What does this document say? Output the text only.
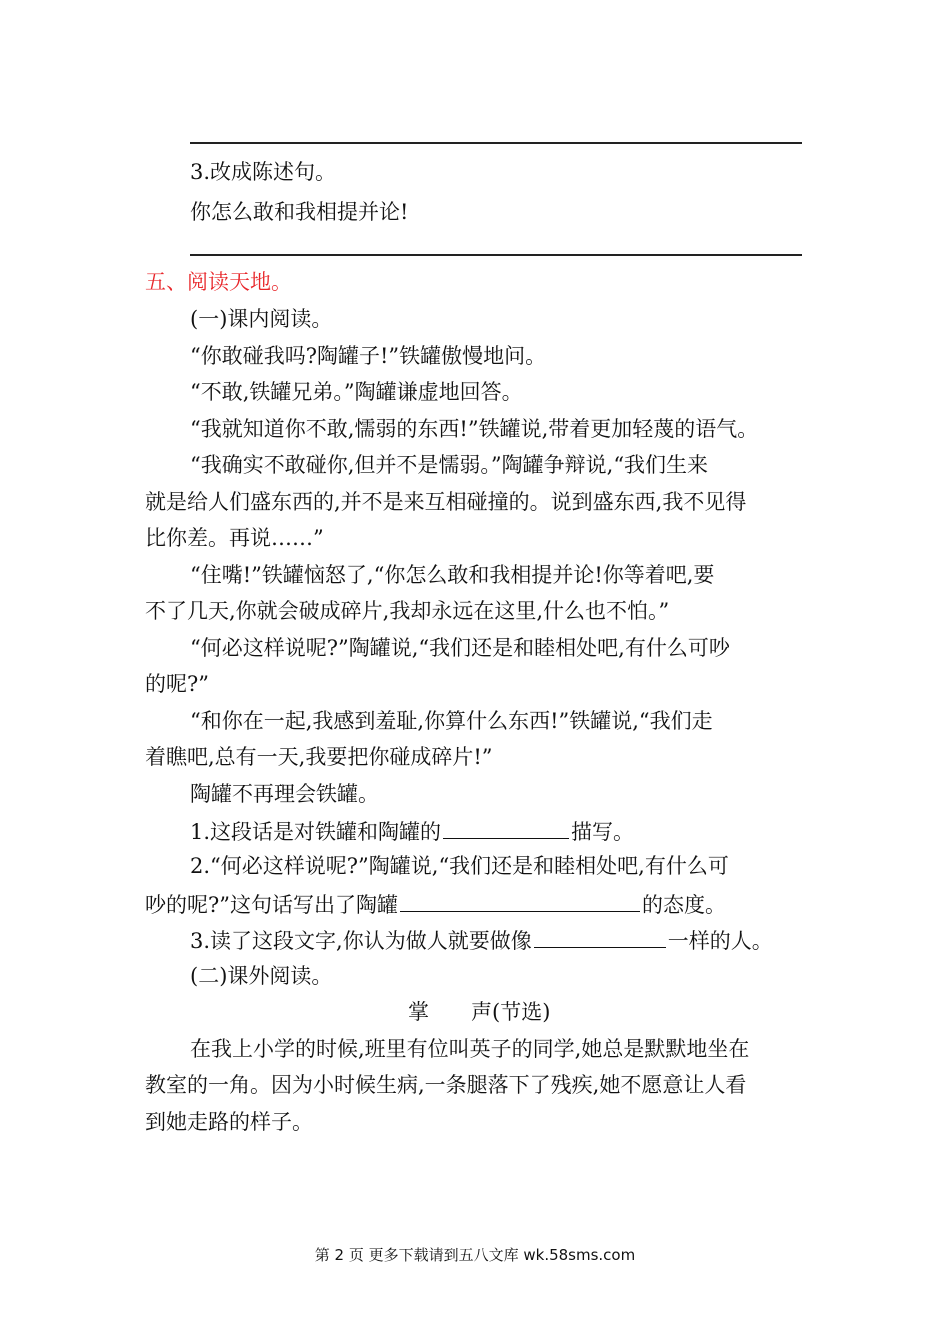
3.改成陈述句。
你怎么敢和我相提并论!
五、阅读天地。
(一)课内阅读。
“你敢碰我吗?陶罐子!”铁罐傲慢地问。
“不敢,铁罐兄弟。”陶罐谦虚地回答。
“我就知道你不敢,懦弱的东西!”铁罐说,带着更加轻蔑的语气。
“我确实不敢碰你,但并不是懦弱。”陶罐争辩说,“我们生来
就是给人们盛东西的,并不是来互相碰撞的。说到盛东西,我不见得
比你差。再说……”
“住嘴!”铁罐恼怒了,“你怎么敢和我相提并论!你等着吧,要
不了几天,你就会破成碎片,我却永远在这里,什么也不怕。”
“何必这样说呢?”陶罐说,“我们还是和睦相处吧,有什么可吵
的呢?”
“和你在一起,我感到羞耻,你算什么东西!”铁罐说,“我们走
着瞧吧,总有一天,我要把你碰成碎片!”
陶罐不再理会铁罐。
1.这段话是对铁罐和陶罐的	描写。
2.“何必这样说呢?”陶罐说,“我们还是和睦相处吧,有什么可
吵的呢?”这句话写出了陶罐	的态度。
3.读了这段文字,你认为做人就要做像	一样的人。
(二)课外阅读。
掌　　声(节选)
在我上小学的时候,班里有位叫英子的同学,她总是默默地坐在
教室的一角。因为小时候生病,一条腿落下了残疾,她不愿意让人看
到她走路的样子。
第 2 页 更多下载请到五八文库 wk.58sms.com
